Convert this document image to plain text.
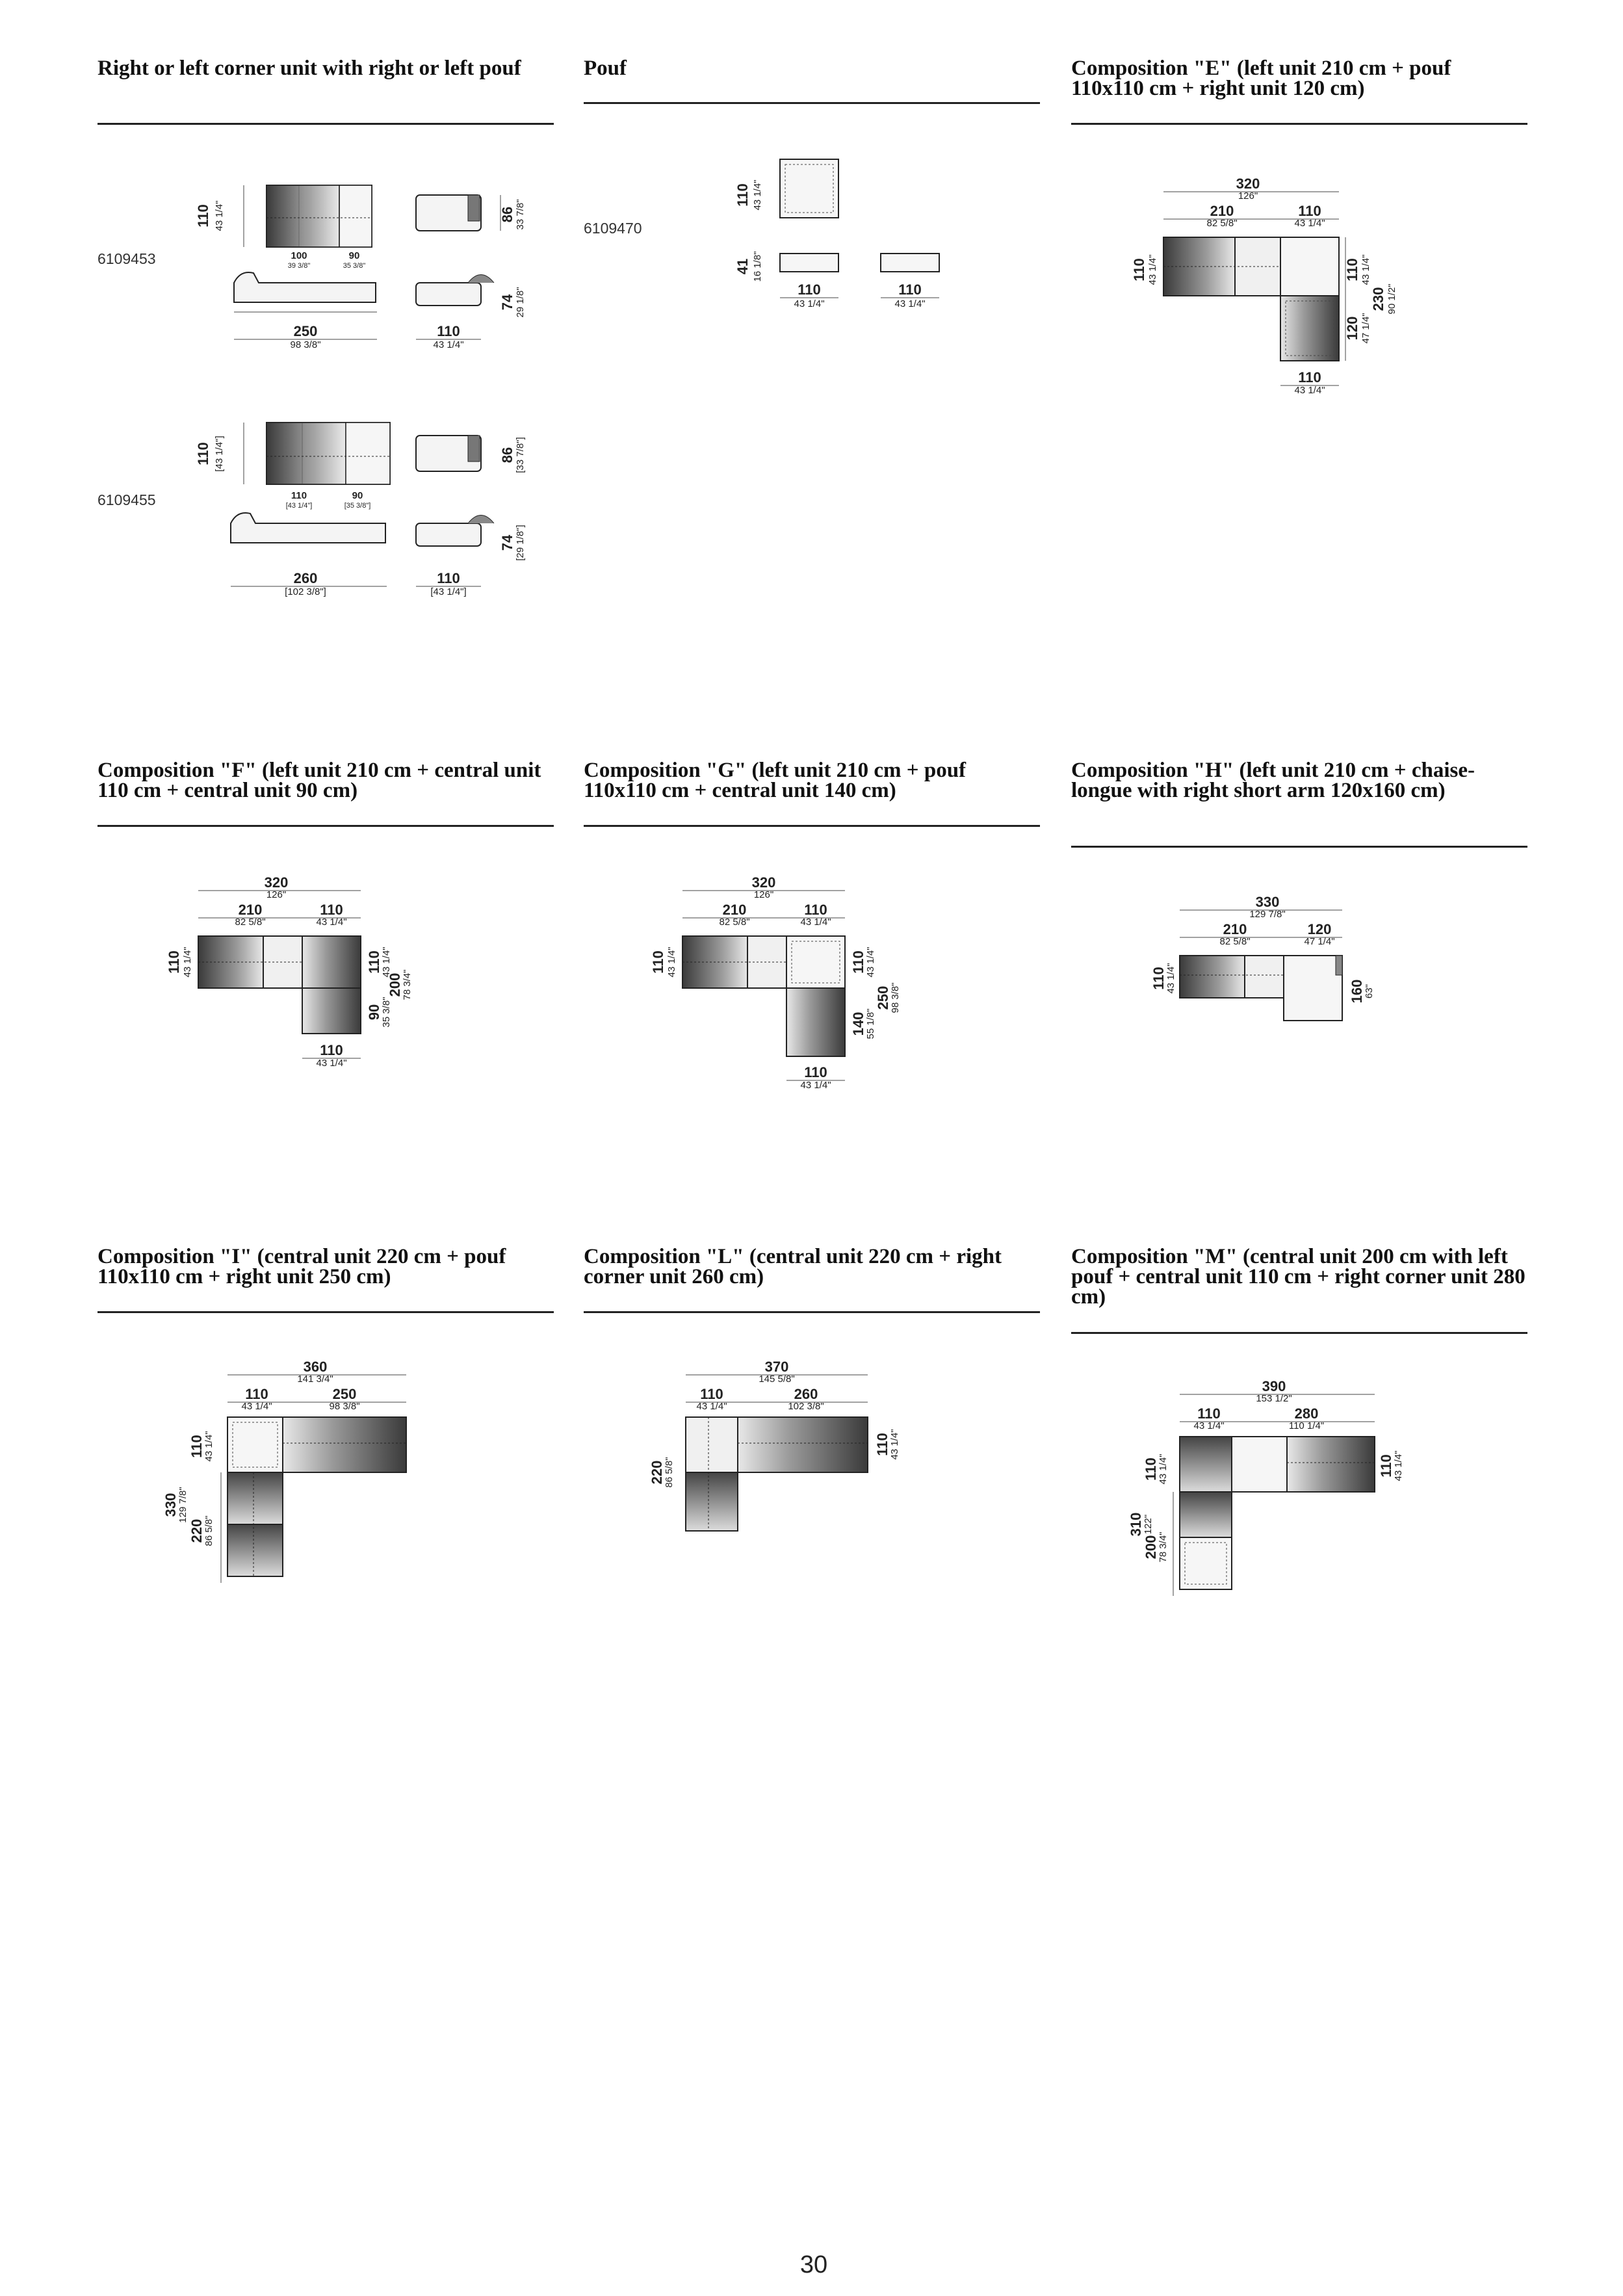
Right or left corner unit with right or left pouf
6109453
110 43 1/4"
100
39 3/8"
90
35 3/8"
86 33 7/8"
250
98 3/8"
110
43 1/4"
74 29 1/8"
6109455
110 [43 1/4"]
110
[43 1/4"]
90
[35 3/8"]
86 [33 7/8"]
260
[102 3/8"]
110
[43 1/4"]
74 [29 1/8"]
Pouf
6109470
110 43 1/4"
41 16 1/8"
110
43 1/4"
110
43 1/4"
Composition "E" (left unit 210 cm + pouf 110x110 cm + right unit 120 cm)
320
126"
210
82 5/8"
110
43 1/4"
110 43 1/4"	110 43 1/4"
120 47 1/4"
230 90 1/2"
110
43 1/4"
Composition "F" (left unit 210 cm + central unit 110 cm + central unit 90 cm)
320
126"
210
82 5/8"
110
43 1/4"
110 43 1/4"	110
43 1/4"
200
78 3/4"
90
35 3/8"
110
43 1/4"
Composition "G" (left unit 210 cm + pouf 110x110 cm + central unit 140 cm)
320
126"
210
82 5/8"
110
43 1/4"
110 43 1/4"	110
43 1/4"
250
98 3/8"
140
55 1/8"
110
43 1/4"
Composition "H" (left unit 210 cm + chaise-longue with right short arm 120x160 cm)
330
129 7/8"
210
82 5/8"
120
47 1/4"
110
43 1/4"	160
63"
Composition "I" (central unit 220 cm + pouf 110x110 cm + right unit 250 cm)
360
141 3/4"
110
43 1/4"
250
98 3/8"
110
43 1/4"
330
129 7/8"
220
86 5/8"
Composition "L" (central unit 220 cm + right corner unit 260 cm)
370
145 5/8"
110
43 1/4"
260
102 3/8"
220
86 5/8"
110
43 1/4"
Composition "M" (central unit 200 cm with left pouf + central unit 110 cm + right corner unit 280 cm)
390
153 1/2"
110
43 1/4"
280
110 1/4"
110
43 1/4"
310
122"
200
78 3/4"
110
43 1/4"
30
